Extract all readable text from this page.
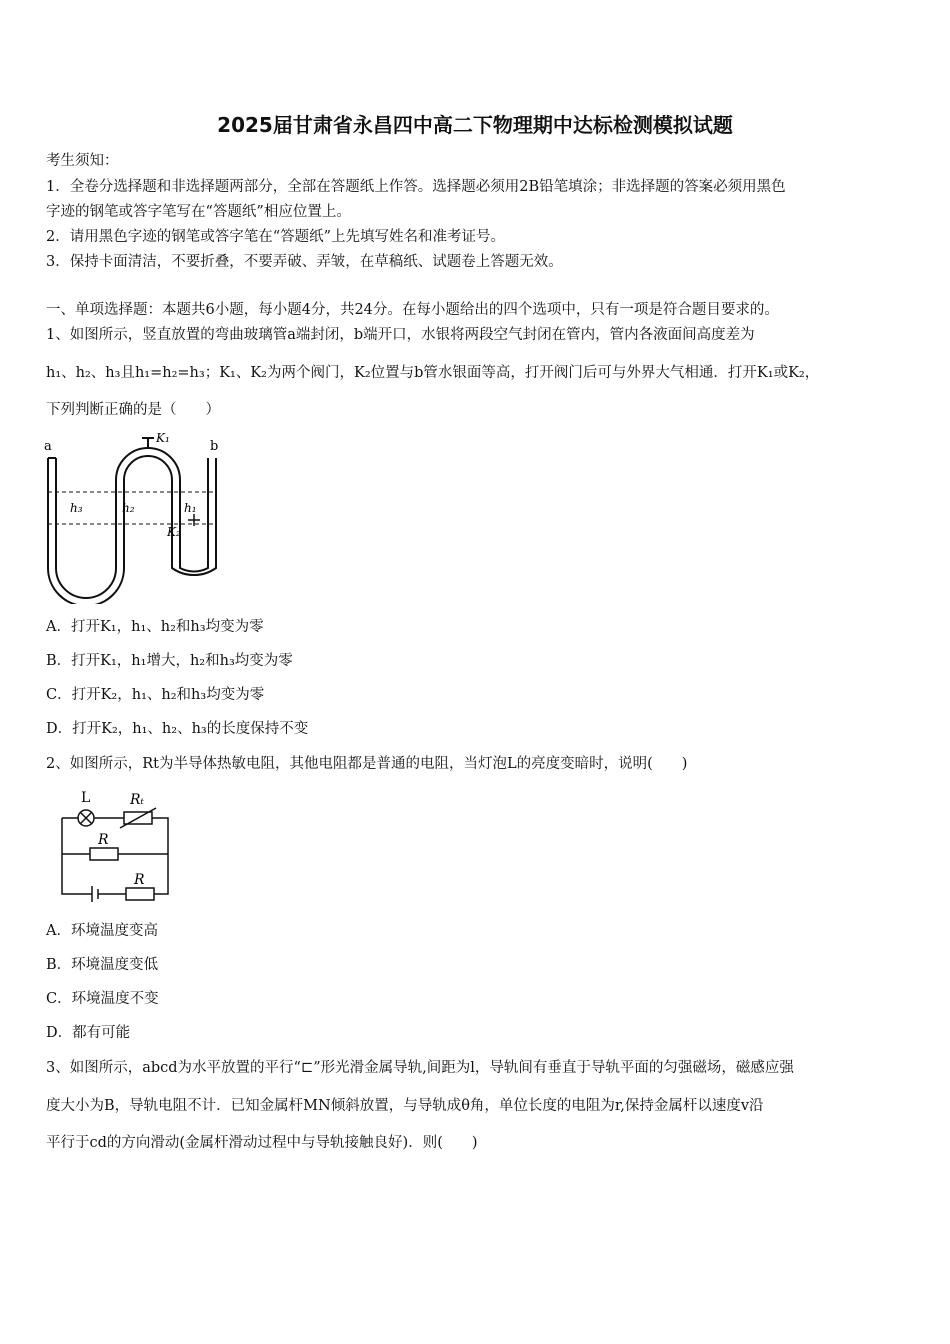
2025届甘肃省永昌四中高二下物理期中达标检测模拟试题
考生须知：
1．全卷分选择题和非选择题两部分，全部在答题纸上作答。选择题必须用2B铅笔填涂；非选择题的答案必须用黑色
字迹的钢笔或答字笔写在“答题纸”相应位置上。
2．请用黑色字迹的钢笔或答字笔在“答题纸”上先填写姓名和准考证号。
3．保持卡面清洁，不要折叠，不要弄破、弄皱，在草稿纸、试题卷上答题无效。
一、单项选择题：本题共6小题，每小题4分，共24分。在每小题给出的四个选项中，只有一项是符合题目要求的。
1、如图所示，竖直放置的弯曲玻璃管a端封闭，b端开口，水银将两段空气封闭在管内，管内各液面间高度差为
h₁、h₂、h₃且h₁=h₂=h₃；K₁、K₂为两个阀门，K₂位置与b管水银面等高，打开阀门后可与外界大气相通．打开K₁或K₂，
下列判断正确的是（　　）
a	b
K₁
K₂
h₃	h₂	h₁
A．打开K₁，h₁、h₂和h₃均变为零
B．打开K₁，h₁增大，h₂和h₃均变为零
C．打开K₂，h₁、h₂和h₃均变为零
D．打开K₂，h₁、h₂、h₃的长度保持不变
2、如图所示，Rt为半导体热敏电阻，其他电阻都是普通的电阻，当灯泡L的亮度变暗时，说明(　　)
L	Rₜ
R
R
A．环境温度变高
B．环境温度变低
C．环境温度不变
D．都有可能
3、如图所示，abcd为水平放置的平行“⊏”形光滑金属导轨,间距为l，导轨间有垂直于导轨平面的匀强磁场，磁感应强
度大小为B，导轨电阻不计．已知金属杆MN倾斜放置，与导轨成θ角，单位长度的电阻为r,保持金属杆以速度v沿
平行于cd的方向滑动(金属杆滑动过程中与导轨接触良好)．则(　　)
